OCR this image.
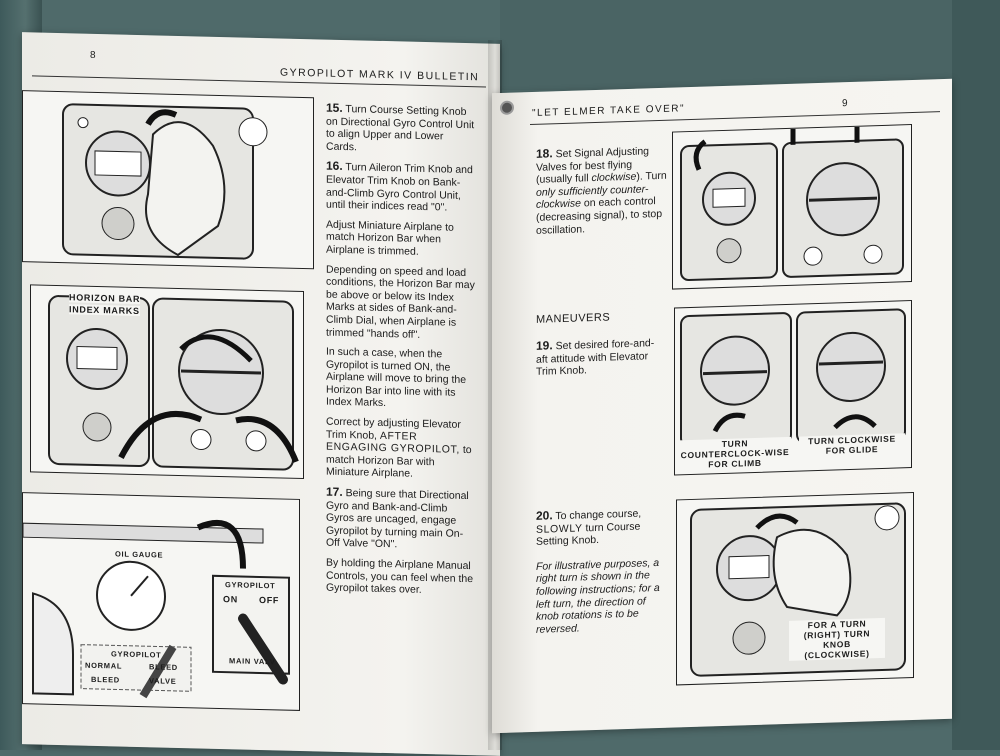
8
GYROPILOT MARK IV BULLETIN
HORIZON BAR
INDEX MARKS
OIL GAUGE
GYROPILOT
ON OFF
MAIN VALV
GYROPILOT
NORMAL	BLEED
BLEED	VALVE

15. Turn Course Setting Knob on Directional Gyro Control Unit to align Upper and Lower Cards.

16. Turn Aileron Trim Knob and Elevator Trim Knob on Bank-and-Climb Gyro Control Unit, until their indices read "0".

Adjust Miniature Airplane to match Horizon Bar when Airplane is trimmed.

Depending on speed and load conditions, the Horizon Bar may be above or below its Index Marks at sides of Bank-and-Climb Dial, when Airplane is trimmed "hands off".

In such a case, when the Gyropilot is turned ON, the Airplane will move to bring the Horizon Bar into line with its Index Marks.

Correct by adjusting Elevator Trim Knob, AFTER ENGAGING GYROPILOT, to match Horizon Bar with Miniature Airplane.

17. Being sure that Directional Gyro and Bank-and-Climb Gyros are uncaged, engage Gyropilot by turning main On-Off Valve "ON".

By holding the Airplane Manual Controls, you can feel when the Gyropilot takes over.

"LET ELMER TAKE OVER"	9

18. Set Signal Adjusting Valves for best flying (usually full clockwise). Turn only sufficiently counter-clockwise on each control (decreasing signal), to stop oscillation.

MANEUVERS

19. Set desired fore-and-aft attitude with Elevator Trim Knob.

TURN COUNTERCLOCK-WISE FOR CLIMB
TURN CLOCKWISE FOR GLIDE

20. To change course, SLOWLY turn Course Setting Knob.

For illustrative purposes, a right turn is shown in the following instructions; for a left turn, the direction of knob rotations is to be reversed.	FOR A TURN (RIGHT) TURN KNOB (CLOCKWISE)
